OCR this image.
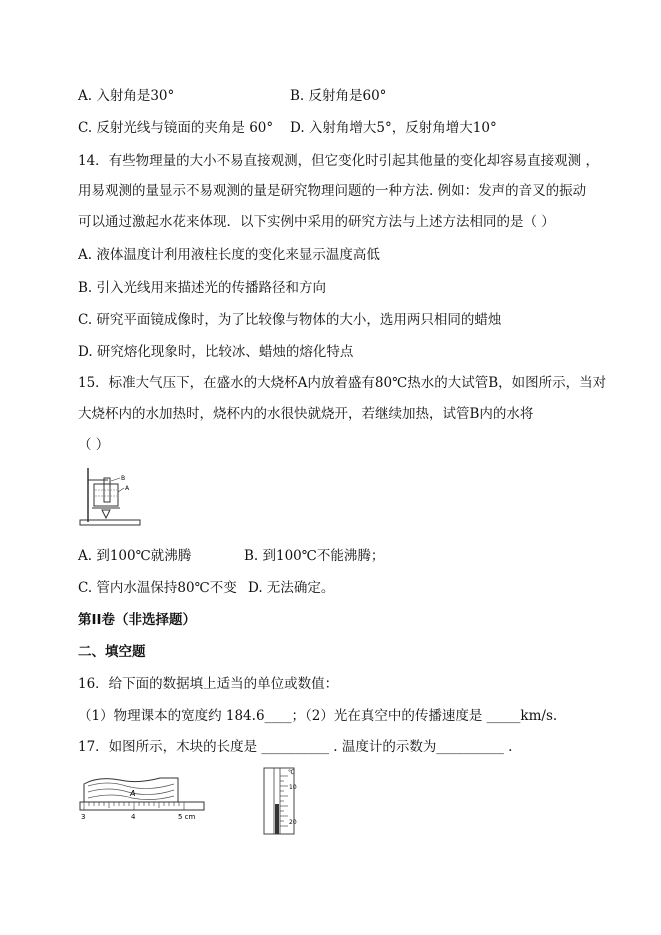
A. 入射角是30°	B. 反射角是60°
C. 反射光线与镜面的夹角是 60° D. 入射角增大5°，反射角增大10°
14．有些物理量的大小不易直接观测，但它变化时引起其他量的变化却容易直接观测 ，
用易观测的量显示不易观测的量是研究物理问题的一种方法. 例如：发声的音叉的振动
可以通过激起水花来体现．以下实例中采用的研究方法与上述方法相同的是（ ）
A. 液体温度计利用液柱长度的变化来显示温度高低
B. 引入光线用来描述光的传播路径和方向
C. 研究平面镜成像时，为了比较像与物体的大小，选用两只相同的蜡烛
D. 研究熔化现象时，比较冰、蜡烛的熔化特点
15．标准大气压下，在盛水的大烧杯A内放着盛有80℃热水的大试管B，如图所示，当对
大烧杯内的水加热时，烧杯内的水很快就烧开，若继续加热，试管B内的水将
（ ）
B
A
A. 到100℃就沸腾	B. 到100℃不能沸腾；
C. 管内水温保持80℃不变 D. 无法确定。
第II卷（非选择题）
二、填空题
16．给下面的数据填上适当的单位或数值：
（1）物理课本的宽度约 184.6____；（2）光在真空中的传播速度是 _____km/s.
17．如图所示，木块的长度是 __________ . 温度计的示数为__________ .
A
3	4	5 cm
℃
10
20
